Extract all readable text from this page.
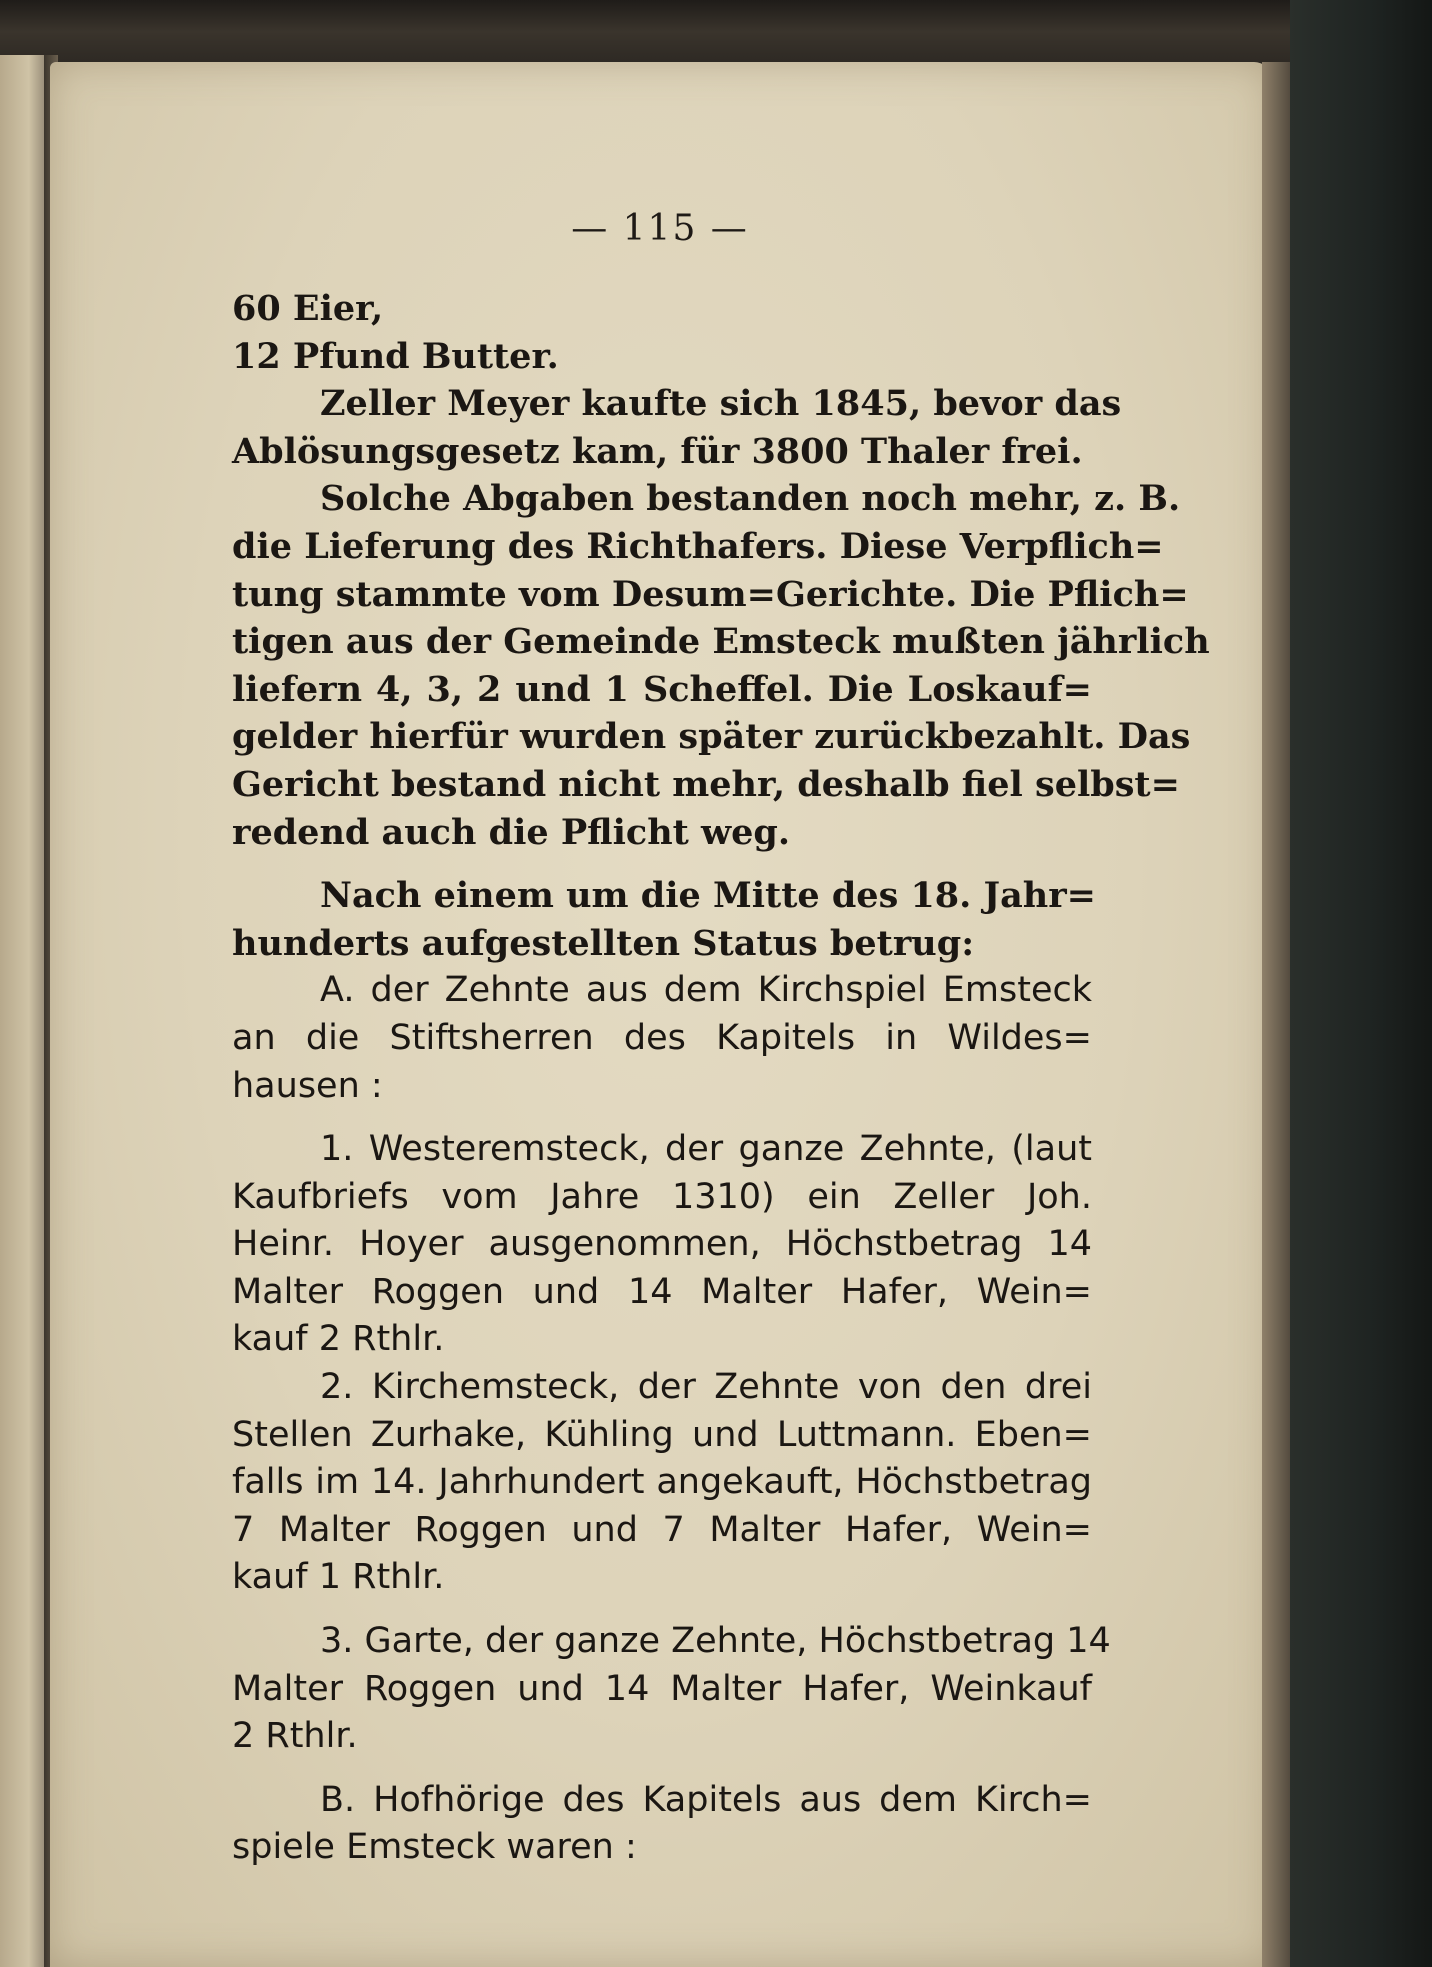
— 115 —
60 Eier,
12 Pfund Butter.
Zeller Meyer kaufte sich 1845, bevor das
Ablösungsgesetz kam, für 3800 Thaler frei.
Solche Abgaben bestanden noch mehr, z. B.
die Lieferung des Richthafers. Diese Verpflich=
tung stammte vom Desum=Gerichte. Die Pflich=
tigen aus der Gemeinde Emsteck mußten jährlich
liefern 4, 3, 2 und 1 Scheffel. Die Loskauf=
gelder hierfür wurden später zurückbezahlt. Das
Gericht bestand nicht mehr, deshalb fiel selbst=
redend auch die Pflicht weg.
Nach einem um die Mitte des 18. Jahr=
hunderts aufgestellten Status betrug:
A. der Zehnte aus dem Kirchspiel Emsteck
an die Stiftsherren des Kapitels in Wildes=
hausen :
1. Westeremsteck, der ganze Zehnte, (laut
Kaufbriefs vom Jahre 1310) ein Zeller Joh.
Heinr. Hoyer ausgenommen, Höchstbetrag 14
Malter Roggen und 14 Malter Hafer, Wein=
kauf 2 Rthlr.
2. Kirchemsteck, der Zehnte von den drei
Stellen Zurhake, Kühling und Luttmann. Eben=
falls im 14. Jahrhundert angekauft, Höchstbetrag
7 Malter Roggen und 7 Malter Hafer, Wein=
kauf 1 Rthlr.
3. Garte, der ganze Zehnte, Höchstbetrag 14
Malter Roggen und 14 Malter Hafer, Weinkauf
2 Rthlr.
B. Hofhörige des Kapitels aus dem Kirch=
spiele Emsteck waren :
